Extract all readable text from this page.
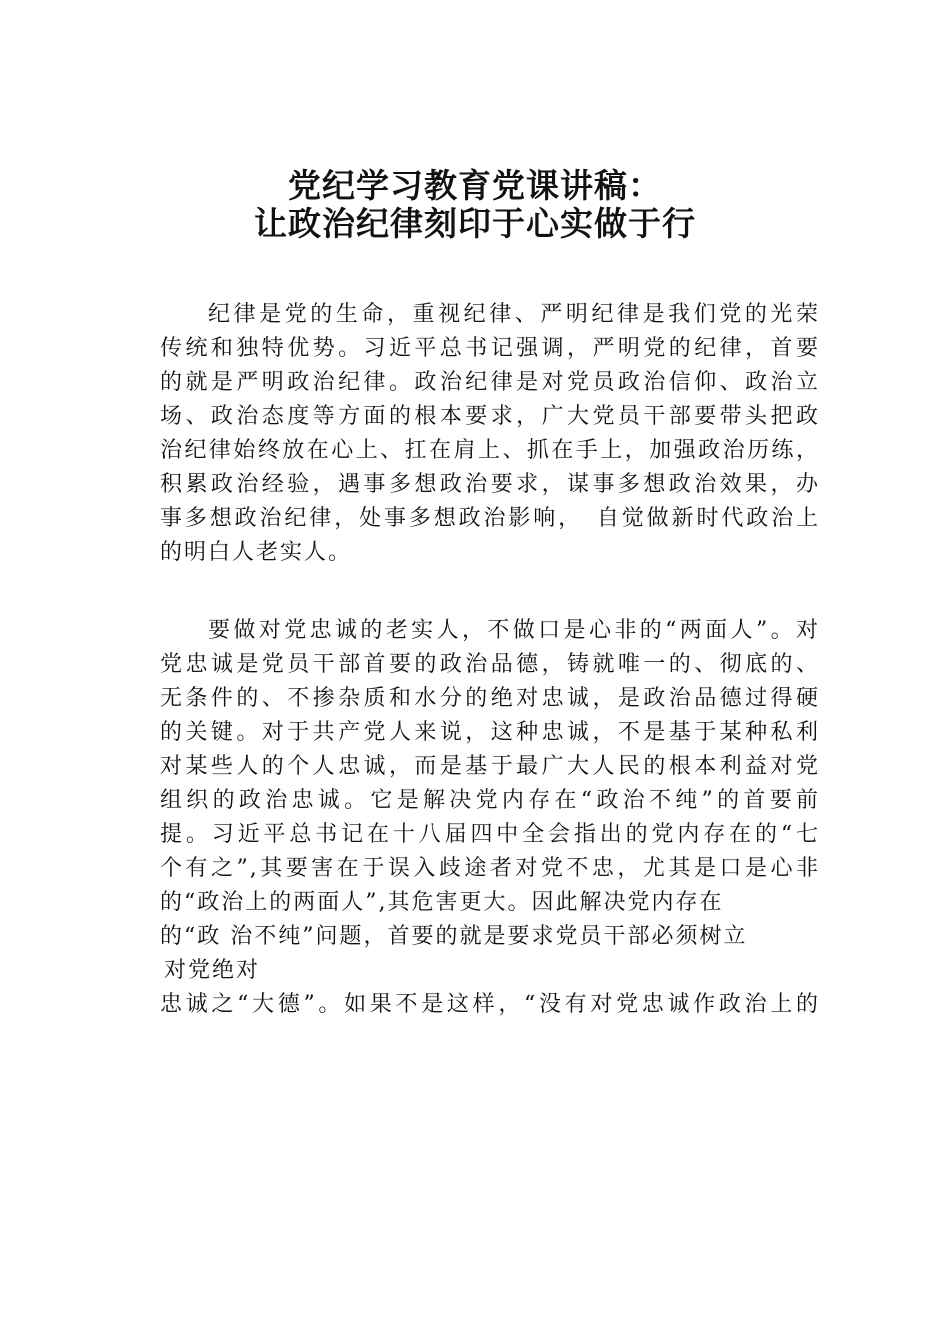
党纪学习教育党课讲稿：
让政治纪律刻印于心实做于行
纪律是党的生命，重视纪律、严明纪律是我们党的光荣
传统和独特优势。习近平总书记强调，严明党的纪律，首要
的就是严明政治纪律。政治纪律是对党员政治信仰、政治立
场、政治态度等方面的根本要求，广大党员干部要带头把政
治纪律始终放在心上、扛在肩上、抓在手上，加强政治历练，
积累政治经验，遇事多想政治要求，谋事多想政治效果，办
事多想政治纪律，处事多想政治影响，　自觉做新时代政治上
的明白人老实人。
要做对党忠诚的老实人，不做口是心非的“两面人”。对
党忠诚是党员干部首要的政治品德，铸就唯一的、彻底的、
无条件的、不掺杂质和水分的绝对忠诚，是政治品德过得硬
的关键。对于共产党人来说，这种忠诚，不是基于某种私利
对某些人的个人忠诚，而是基于最广大人民的根本利益对党
组织的政治忠诚。它是解决党内存在“政治不纯”的首要前
提。习近平总书记在十八届四中全会指出的党内存在的“七
个有之”,其要害在于误入歧途者对党不忠，尤其是口是心非
的“政治上的两面人”,其危害更大。因此解决党内存在
的“政 治不纯”问题，首要的就是要求党员干部必须树立
对党绝对
忠诚之“大德”。如果不是这样，“没有对党忠诚作政治上的
